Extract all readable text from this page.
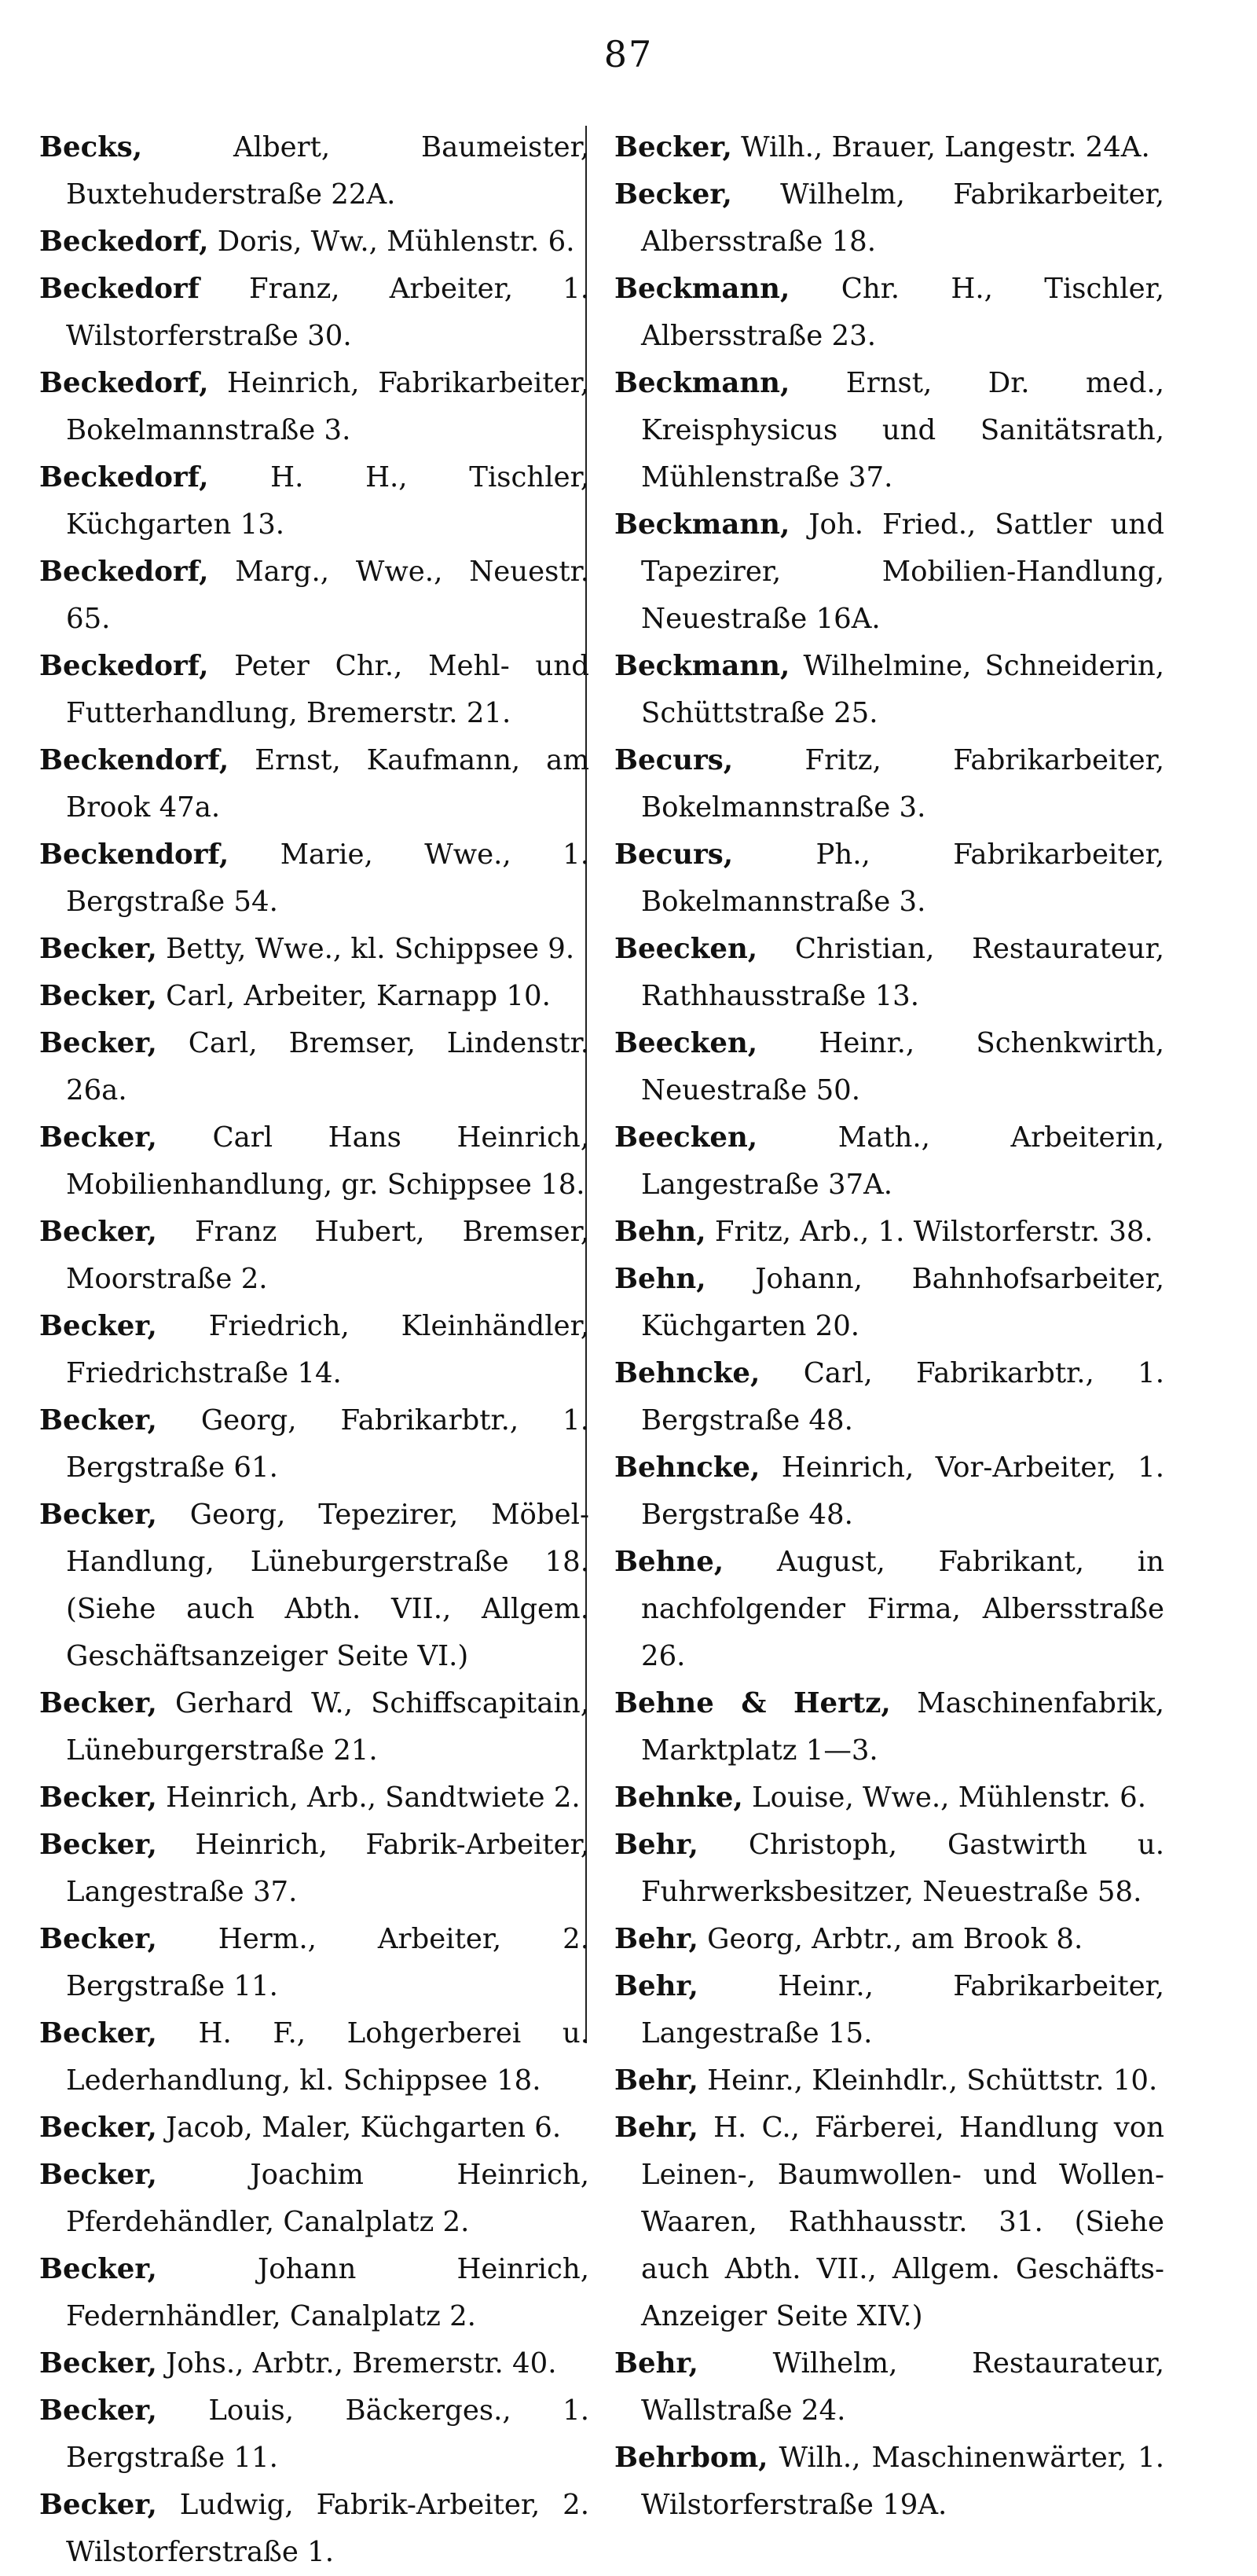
87

Becks, Albert, Baumeister, Buxtehuderstraße 22A.

Beckedorf, Doris, Ww., Mühlenstr. 6.

Beckedorf Franz, Arbeiter, 1. Wilstorferstraße 30.

Beckedorf, Heinrich, Fabrikarbeiter, Bokelmannstraße 3.

Beckedorf, H. H., Tischler, Küchgarten 13.

Beckedorf, Marg., Wwe., Neuestr. 65.

Beckedorf, Peter Chr., Mehl- und Futterhandlung, Bremerstr. 21.

Beckendorf, Ernst, Kaufmann, am Brook 47a.

Beckendorf, Marie, Wwe., 1. Bergstraße 54.

Becker, Betty, Wwe., kl. Schippsee 9.

Becker, Carl, Arbeiter, Karnapp 10.

Becker, Carl, Bremser, Lindenstr. 26a.

Becker, Carl Hans Heinrich, Mobilienhandlung, gr. Schippsee 18.

Becker, Franz Hubert, Bremser, Moorstraße 2.

Becker, Friedrich, Kleinhändler, Friedrichstraße 14.

Becker, Georg, Fabrikarbtr., 1. Bergstraße 61.

Becker, Georg, Tepezirer, Möbel-Handlung, Lüneburgerstraße 18. (Siehe auch Abth. VII., Allgem. Geschäftsanzeiger Seite VI.)

Becker, Gerhard W., Schiffscapitain, Lüneburgerstraße 21.

Becker, Heinrich, Arb., Sandtwiete 2.

Becker, Heinrich, Fabrik-Arbeiter, Langestraße 37.

Becker, Herm., Arbeiter, 2. Bergstraße 11.

Becker, H. F., Lohgerberei u. Lederhandlung, kl. Schippsee 18.

Becker, Jacob, Maler, Küchgarten 6.

Becker, Joachim Heinrich, Pferdehändler, Canalplatz 2.

Becker, Johann Heinrich, Federnhändler, Canalplatz 2.

Becker, Johs., Arbtr., Bremerstr. 40.

Becker, Louis, Bäckerges., 1. Bergstraße 11.

Becker, Ludwig, Fabrik-Arbeiter, 2. Wilstorferstraße 1.

Becker, Wilh., Brauer, Langestr. 24A.

Becker, Wilhelm, Fabrikarbeiter, Albersstraße 18.

Beckmann, Chr. H., Tischler, Albersstraße 23.

Beckmann, Ernst, Dr. med., Kreisphysicus und Sanitätsrath, Mühlenstraße 37.

Beckmann, Joh. Fried., Sattler und Tapezirer, Mobilien-Handlung, Neuestraße 16A.

Beckmann, Wilhelmine, Schneiderin, Schüttstraße 25.

Becurs, Fritz, Fabrikarbeiter, Bokelmannstraße 3.

Becurs, Ph., Fabrikarbeiter, Bokelmannstraße 3.

Beecken, Christian, Restaurateur, Rathhausstraße 13.

Beecken, Heinr., Schenkwirth, Neuestraße 50.

Beecken, Math., Arbeiterin, Langestraße 37A.

Behn, Fritz, Arb., 1. Wilstorferstr. 38.

Behn, Johann, Bahnhofsarbeiter, Küchgarten 20.

Behncke, Carl, Fabrikarbtr., 1. Bergstraße 48.

Behncke, Heinrich, Vor-Arbeiter, 1. Bergstraße 48.

Behne, August, Fabrikant, in nachfolgender Firma, Albersstraße 26.

Behne & Hertz, Maschinenfabrik, Marktplatz 1—3.

Behnke, Louise, Wwe., Mühlenstr. 6.

Behr, Christoph, Gastwirth u. Fuhrwerksbesitzer, Neuestraße 58.

Behr, Georg, Arbtr., am Brook 8.

Behr, Heinr., Fabrikarbeiter, Langestraße 15.

Behr, Heinr., Kleinhdlr., Schüttstr. 10.

Behr, H. C., Färberei, Handlung von Leinen-, Baumwollen- und Wollen-Waaren, Rathhausstr. 31. (Siehe auch Abth. VII., Allgem. Geschäfts-Anzeiger Seite XIV.)

Behr, Wilhelm, Restaurateur, Wallstraße 24.

Behrbom, Wilh., Maschinenwärter, 1. Wilstorferstraße 19A.
